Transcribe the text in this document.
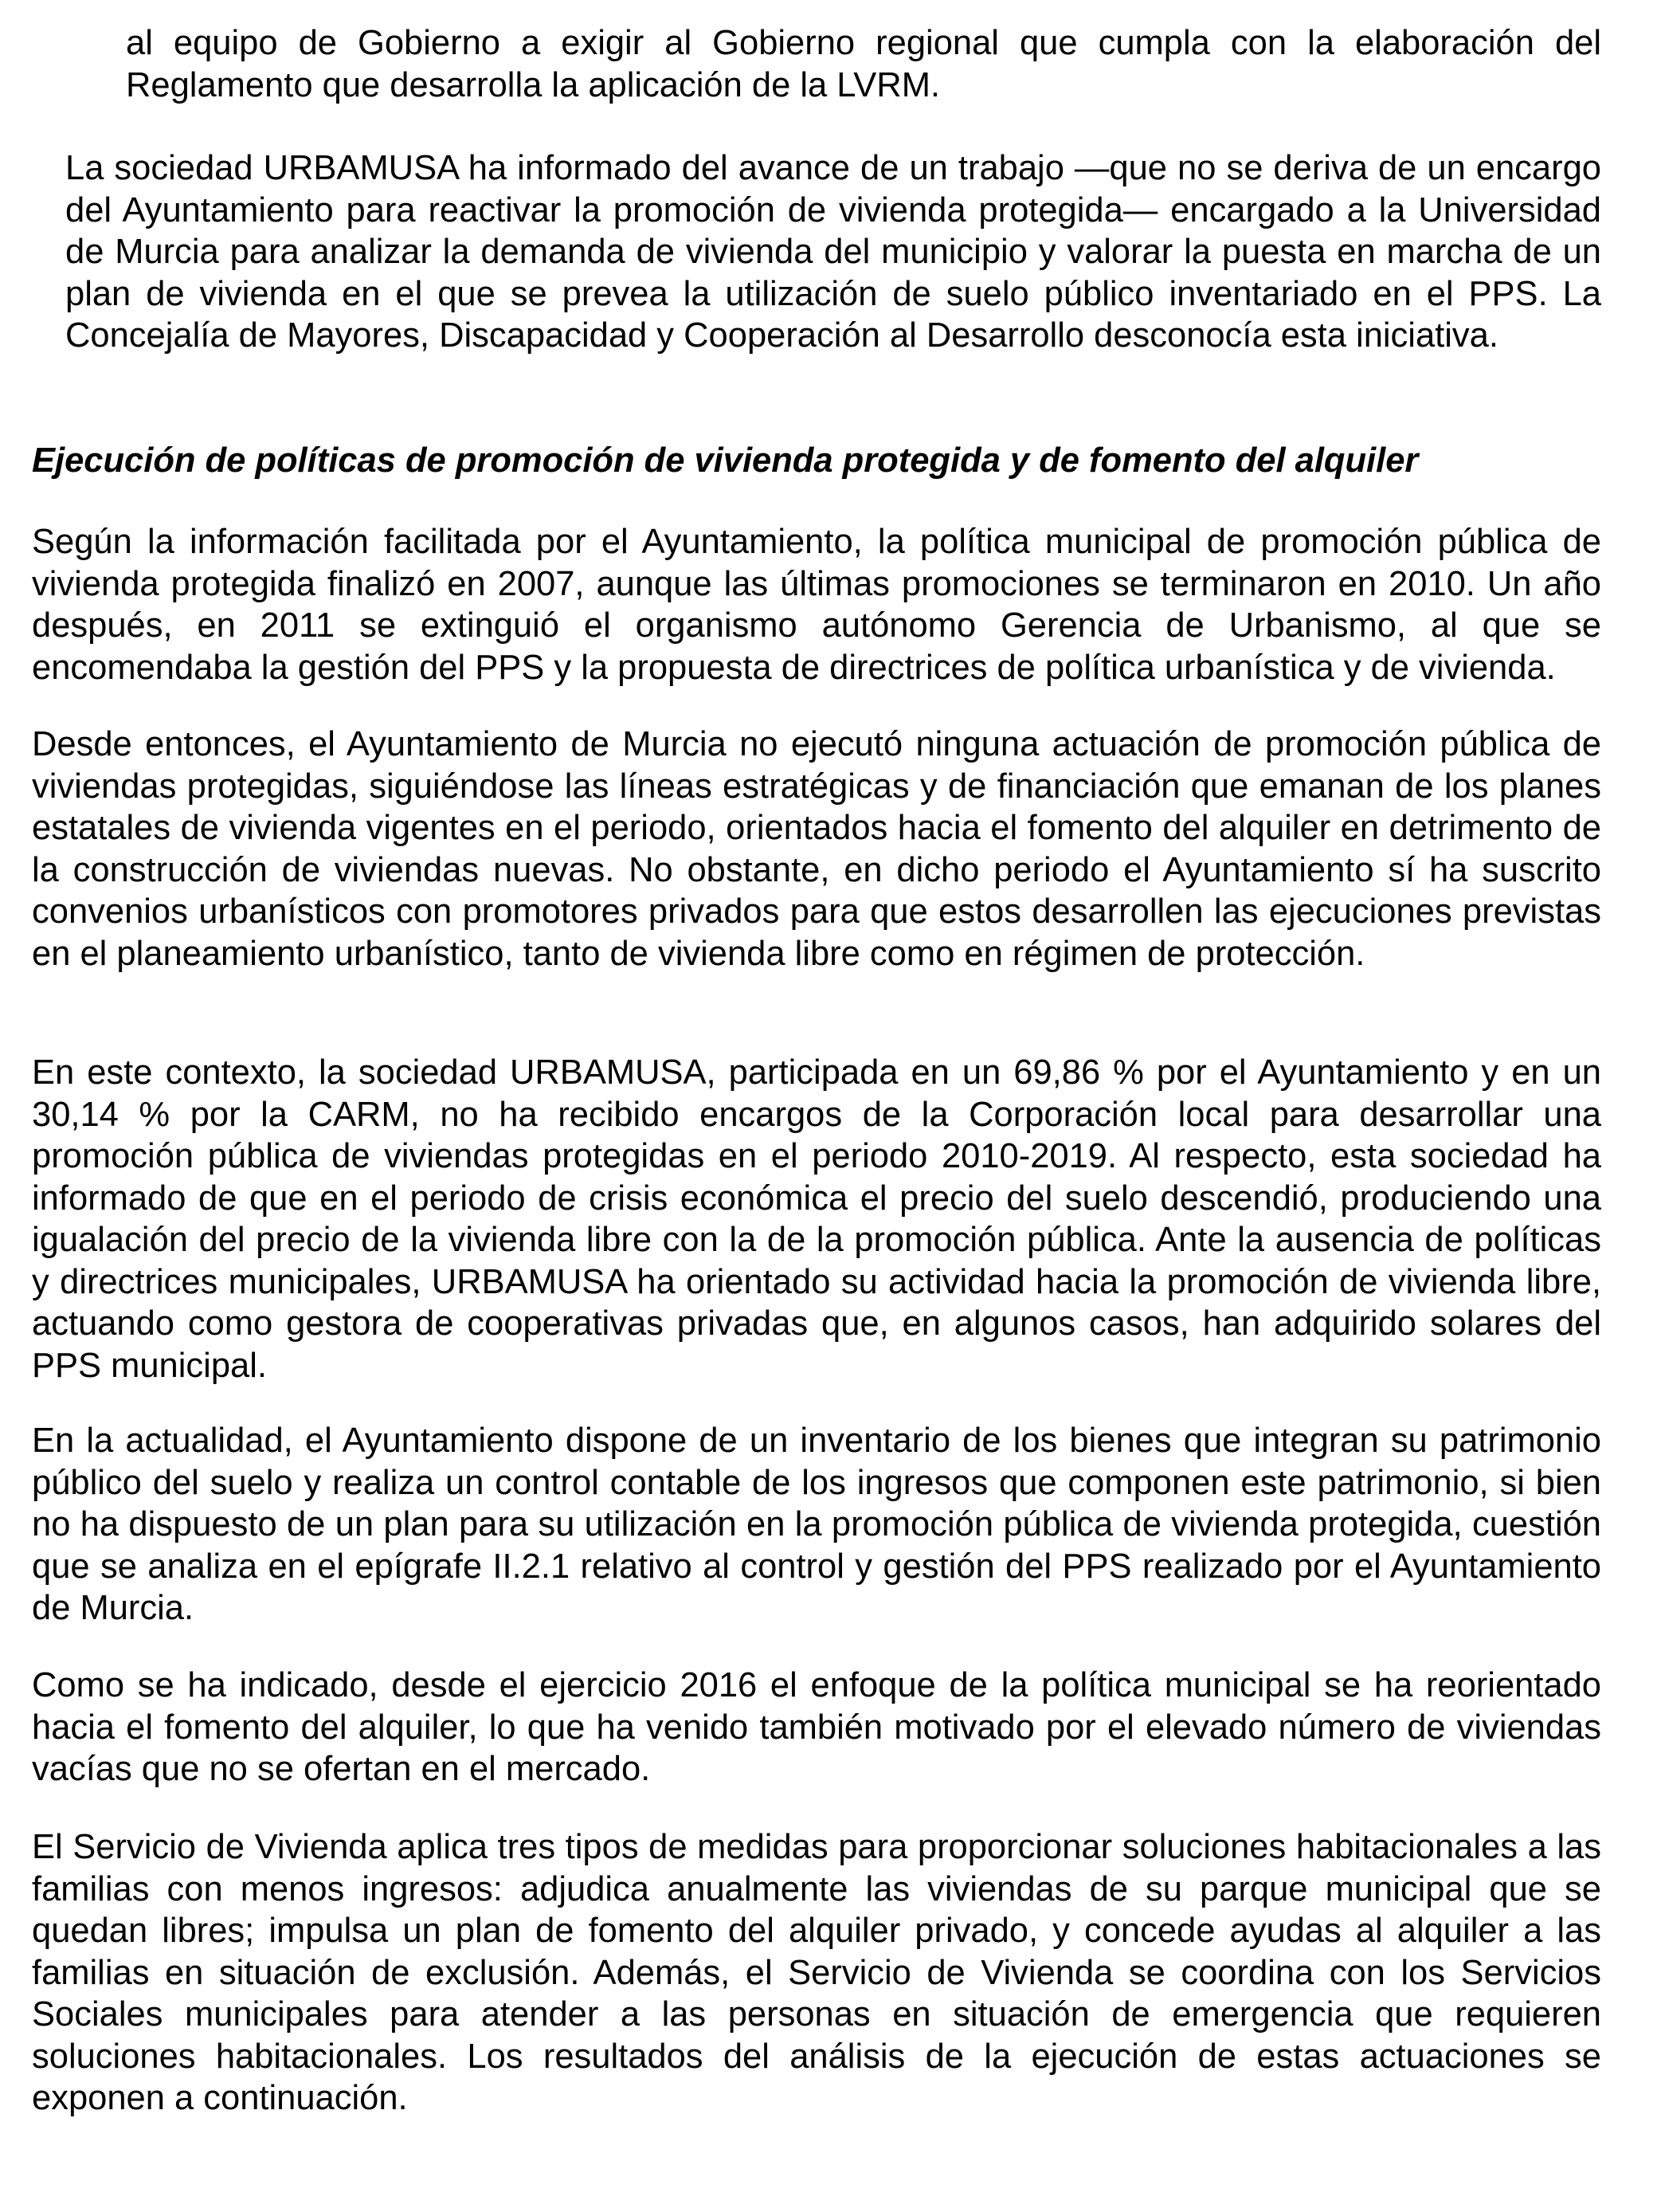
al equipo de Gobierno a exigir al Gobierno regional que cumpla con la elaboración del Reglamento que desarrolla la aplicación de la LVRM.

La sociedad URBAMUSA ha informado del avance de un trabajo —que no se deriva de un encargo del Ayuntamiento para reactivar la promoción de vivienda protegida— encargado a la Universidad de Murcia para analizar la demanda de vivienda del municipio y valorar la puesta en marcha de un plan de vivienda en el que se prevea la utilización de suelo público inventariado en el PPS. La Concejalía de Mayores, Discapacidad y Cooperación al Desarrollo desconocía esta iniciativa.

Ejecución de políticas de promoción de vivienda protegida y de fomento del alquiler

Según la información facilitada por el Ayuntamiento, la política municipal de promoción pública de vivienda protegida finalizó en 2007, aunque las últimas promociones se terminaron en 2010. Un año después, en 2011 se extinguió el organismo autónomo Gerencia de Urbanismo, al que se encomendaba la gestión del PPS y la propuesta de directrices de política urbanística y de vivienda.

Desde entonces, el Ayuntamiento de Murcia no ejecutó ninguna actuación de promoción pública de viviendas protegidas, siguiéndose las líneas estratégicas y de financiación que emanan de los planes estatales de vivienda vigentes en el periodo, orientados hacia el fomento del alquiler en detrimento de la construcción de viviendas nuevas. No obstante, en dicho periodo el Ayuntamiento sí ha suscrito convenios urbanísticos con promotores privados para que estos desarrollen las ejecuciones previstas en el planeamiento urbanístico, tanto de vivienda libre como en régimen de protección.

En este contexto, la sociedad URBAMUSA, participada en un 69,86 % por el Ayuntamiento y en un 30,14 % por la CARM, no ha recibido encargos de la Corporación local para desarrollar una promoción pública de viviendas protegidas en el periodo 2010-2019. Al respecto, esta sociedad ha informado de que en el periodo de crisis económica el precio del suelo descendió, produciendo una igualación del precio de la vivienda libre con la de la promoción pública. Ante la ausencia de políticas y directrices municipales, URBAMUSA ha orientado su actividad hacia la promoción de vivienda libre, actuando como gestora de cooperativas privadas que, en algunos casos, han adquirido solares del PPS municipal.

En la actualidad, el Ayuntamiento dispone de un inventario de los bienes que integran su patrimonio público del suelo y realiza un control contable de los ingresos que componen este patrimonio, si bien no ha dispuesto de un plan para su utilización en la promoción pública de vivienda protegida, cuestión que se analiza en el epígrafe II.2.1 relativo al control y gestión del PPS realizado por el Ayuntamiento de Murcia.

Como se ha indicado, desde el ejercicio 2016 el enfoque de la política municipal se ha reorientado hacia el fomento del alquiler, lo que ha venido también motivado por el elevado número de viviendas vacías que no se ofertan en el mercado.

El Servicio de Vivienda aplica tres tipos de medidas para proporcionar soluciones habitacionales a las familias con menos ingresos: adjudica anualmente las viviendas de su parque municipal que se quedan libres; impulsa un plan de fomento del alquiler privado, y concede ayudas al alquiler a las familias en situación de exclusión. Además, el Servicio de Vivienda se coordina con los Servicios Sociales municipales para atender a las personas en situación de emergencia que requieren soluciones habitacionales. Los resultados del análisis de la ejecución de estas actuaciones se exponen a continuación.
